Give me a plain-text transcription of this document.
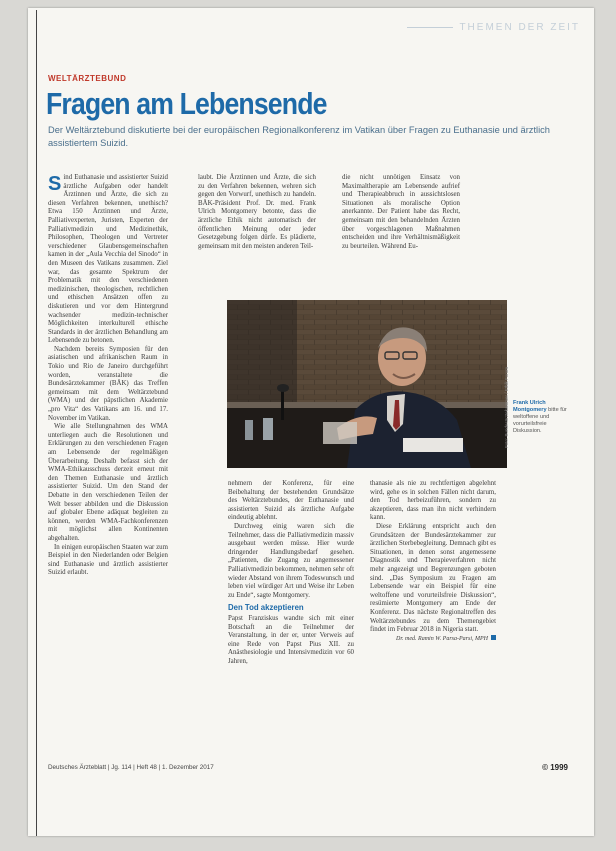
THEMEN DER ZEIT
WELTÄRZTEBUND
Fragen am Lebensende
Der Weltärztebund diskutierte bei der europäischen Regionalkonferenz im Vatikan über Fragen zu Euthanasie und ärztlich assistiertem Suizid.

Sind Euthanasie und assistierter Suizid ärztliche Aufgaben oder handelt Ärztinnen und Ärzte, die sich zu diesen Verfahren bekennen, unethisch? Etwa 150 Ärztinnen und Ärzte, Palliativexperten, Juristen, Experten der Palliativmedizin und Medizinethik, Philosophen, Theologen und Vertreter verschiedener Glaubensgemeinschaften kamen in der „Aula Vecchia del Sinodo“ in den Museen des Vatikans zusammen. Ziel war, das gesamte Spektrum der Problematik mit den verschiedenen medizinischen, theologischen, rechtlichen und ethischen Ansätzen offen zu diskutieren und vor dem Hintergrund wachsender medizin-technischer Möglichkeiten interkulturell ethische Standards in der ärztlichen Behandlung am Lebensende zu betonen.

Nachdem bereits Symposien für den asiatischen und afrikanischen Raum in Tokio und Rio de Janeiro durchgeführt worden, veranstaltete die Bundesärztekammer (BÄK) das Treffen gemeinsam mit dem Weltärztebund (WMA) und der päpstlichen Akademie „pro Vita“ des Vatikans am 16. und 17. November im Vatikan.

Wie alle Stellungnahmen des WMA unterliegen auch die Resolutionen und Erklärungen zu den verschiedenen Fragen am Lebensende der regelmäßigen Überarbeitung. Deshalb befasst sich der WMA-Ethikausschuss derzeit erneut mit den Themen Euthanasie und ärztlich assistierter Suizid. Um den Stand der Debatte in den verschiedenen Teilen der Welt besser abbilden und die Diskussion auf globaler Ebene adäquat begleiten zu können, werden WMA-Fachkonferenzen mit möglichst allen Kontinenten abgehalten.

In einigen europäischen Staaten war zum Beispiel in den Niederlanden oder Belgien sind Euthanasie und ärztlich assistierter Suizid erlaubt.

laubt. Die Ärztinnen und Ärzte, die sich zu den Verfahren bekennen, wehren sich gegen den Vorwurf, unethisch zu handeln. BÄK-Präsident Prof. Dr. med. Frank Ulrich Montgomery betonte, dass die ärztliche Ethik nicht automatisch der öffentlichen Meinung oder jeder Gesetzgebung folgen dürfe. Es plädierte, gemeinsam mit den meisten anderen Teil-

die nicht unnötigen Einsatz von Maximaltherapie am Lebensende aufrief und Therapieabbruch in aussichtslosen Situationen als moralische Option anerkannte. Der Patient habe das Recht, gemeinsam mit den behandelnden Ärzten über vorgeschlagenen Maßnahmen entscheiden und ihre Verhältnismäßigkeit zu beurteilen. Während Eu-

Foto: Bundesärztekammer / Ethik Forum Frank Ulrich Montgomery bitte für weltoffene und vorurteilsfreie Diskussion.

nehmern der Konferenz, für eine Beibehaltung der bestehenden Grundsätze des Weltärztebundes, der Euthanasie und assistierten Suizid als ärztliche Aufgabe eindeutig ablehnt.

Durchweg einig waren sich die Teilnehmer, dass die Palliativmedizin massiv ausgebaut werden müsse. Hier wurde dringender Handlungsbedarf gesehen. „Patienten, die Zugang zu angemessener Palliativmedizin bekommen, nehmen sehr oft wieder Abstand von ihrem Todeswunsch und leben viel würdiger Art und Weise ihr Leben zu Ende“, sagte Montgomery.

Den Tod akzeptieren

Papst Franziskus wandte sich mit einer Botschaft an die Teilnehmer der Veranstaltung, in der er, unter Verweis auf eine Rede von Papst Pius XII. zu Anästhesiologie und Intensivmedizin vor 60 Jahren,

thanasie als nie zu rechtfertigen abgelehnt wird, gehe es in solchen Fällen nicht darum, den Tod herbeizuführen, sondern zu akzeptieren, dass man ihn nicht verhindern kann.

Diese Erklärung entspricht auch den Grundsätzen der Bundesärztekammer zur ärztlichen Sterbebegleitung. Demnach gibt es Situationen, in denen sonst angemessene Diagnostik und Therapieverfahren nicht mehr angezeigt und Begrenzungen geboten sind. „Das Symposium zu Fragen am Lebensende war ein Beispiel für eine weltoffene und vorurteilsfreie Diskussion“, resümierte Montgomery am Ende der Konferenz. Das nächste Regionaltreffen des Weltärztebundes zu dem Themengebiet findet im Februar 2018 in Nigeria statt.

Dr. med. Ramin W. Parsa-Parsi, MPH

Deutsches Ärzteblatt | Jg. 114 | Heft 48 | 1. Dezember 2017	© 1999
